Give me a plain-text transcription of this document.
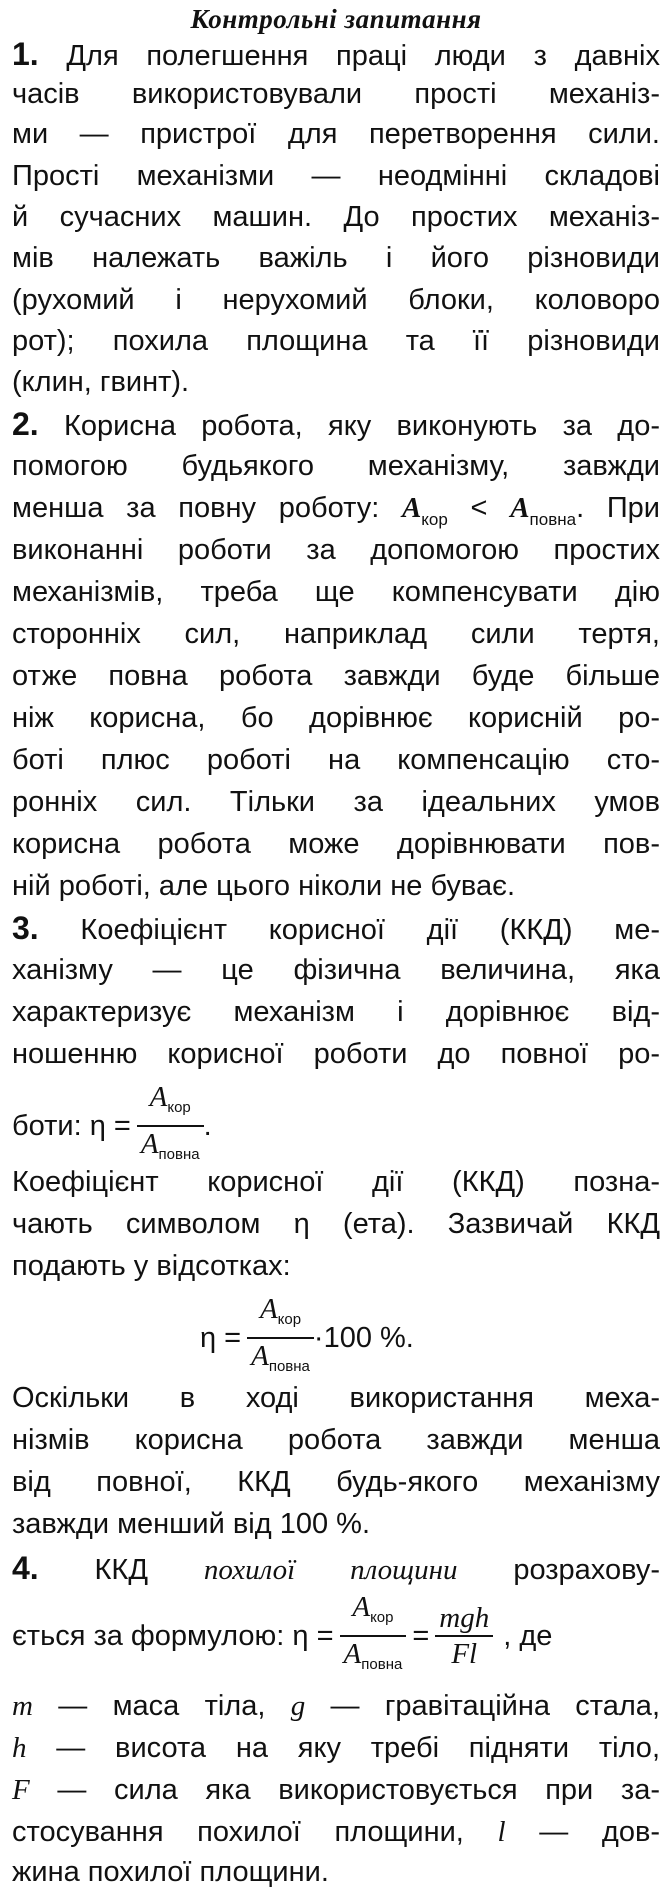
Контрольні запитання
1. Для полегшення праці люди з давніх
часів використовували прості механіз-
ми — пристрої для перетворення сили.
Прості механізми — неодмінні складові
й сучасних машин. До простих механіз-
мів належать важіль і його різновиди
(рухомий і нерухомий блоки, коловоро
рот); похила площина та її різновиди
(клин, гвинт).
2. Корисна робота, яку виконують за до-
помогою будьякого механізму, завжди
менша за повну роботу: $A_{кор} < A_{повна}$. При
виконанні роботи за допомогою простих
механізмів, треба ще компенсувати дію
сторонніх сил, наприклад сили тертя,
отже повна робота завжди буде більше
ніж корисна, бо дорівнює корисній ро-
боті плюс роботі на компенсацію сто-
ронніх сил. Тільки за ідеальних умов
корисна робота може дорівнювати пов-
ній роботі, але цього ніколи не буває.
3. Коефіцієнт корисної дії (ККД) ме-
ханізму — це фізична величина, яка
характеризує механізм і дорівнює від-
ношенню корисної роботи до повної ро-
боти: $\eta = \frac{A_{кор}}{A_{повна}}$ .
Коефіцієнт корисної дії (ККД) позна-
чають символом η (ета). Зазвичай ККД
подають у відсотках:
$\eta = \frac{A_{кор}}{A_{повна}} \cdot 100$ %.
Оскільки в ході використання меха-
нізмів корисна робота завжди менша
від повної, ККД будь-якого механізму
завжди менший від 100 %.
4. ККД похилої площини розрахову-
ється за формулою: $\eta = \frac{A_{кор}}{A_{повна}} = \frac{\text{mgh}}{Fl}$ , де
m — маса тіла, g — гравітаційна стала,
h — висота на яку требі підняти тіло,
F — сила яка використовується при за-
стосування похилої площини, l — дов-
жина похилої площини.
